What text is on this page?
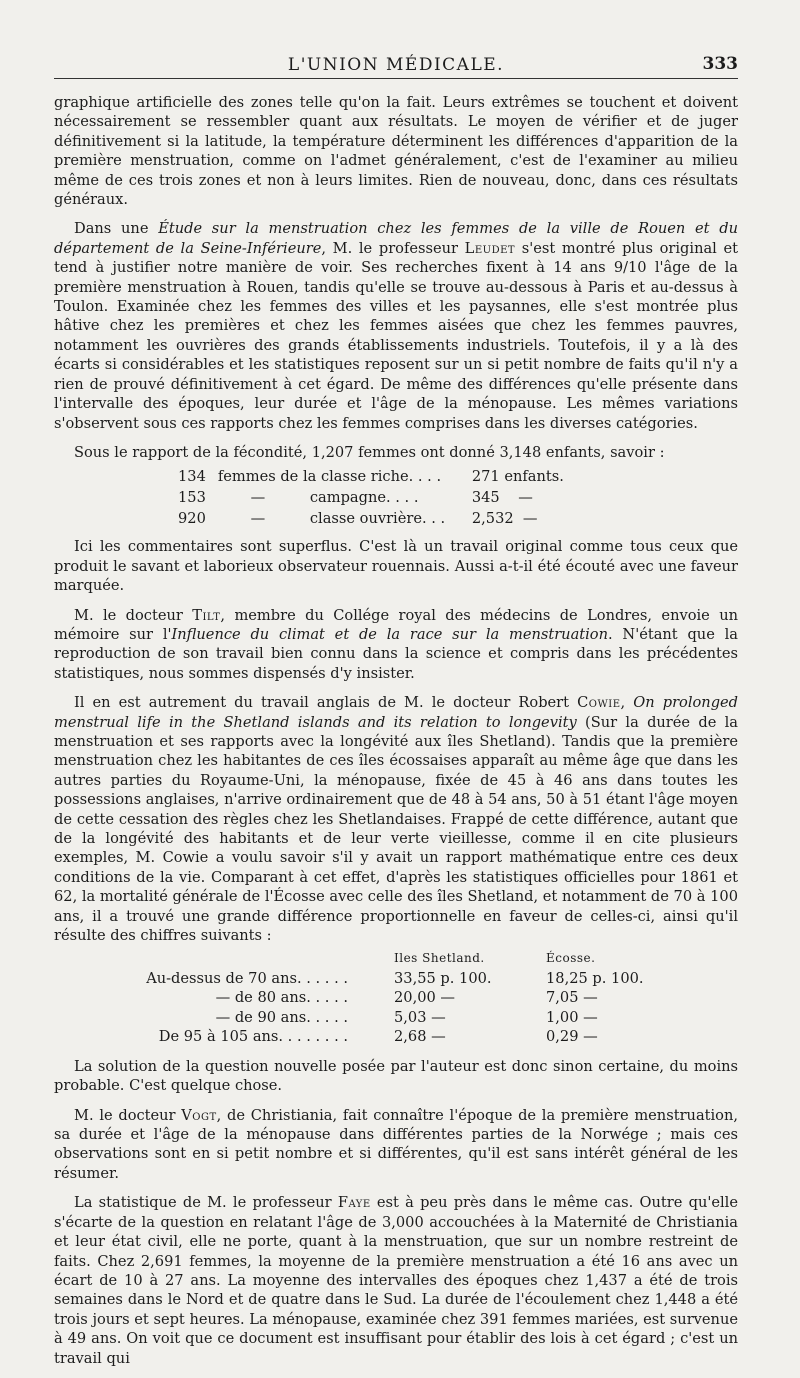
L'UNION MÉDICALE.	333

graphique artificielle des zones telle qu'on la fait. Leurs extrêmes se touchent et doivent nécessairement se ressembler quant aux résultats. Le moyen de vérifier et de juger définitivement si la latitude, la température déterminent les différences d'apparition de la première menstruation, comme on l'admet généralement, c'est de l'examiner au milieu même de ces trois zones et non à leurs limites. Rien de nouveau, donc, dans ces résultats généraux.

Dans une Étude sur la menstruation chez les femmes de la ville de Rouen et du département de la Seine-Inférieure, M. le professeur Leudet s'est montré plus original et tend à justifier notre manière de voir. Ses recherches fixent à 14 ans 9/10 l'âge de la première menstruation à Rouen, tandis qu'elle se trouve au-dessous à Paris et au-dessus à Toulon. Examinée chez les femmes des villes et les paysannes, elle s'est montrée plus hâtive chez les premières et chez les femmes aisées que chez les femmes pauvres, notamment les ouvrières des grands établissements industriels. Toutefois, il y a là des écarts si considérables et les statistiques reposent sur un si petit nombre de faits qu'il n'y a rien de prouvé définitivement à cet égard. De même des différences qu'elle présente dans l'intervalle des époques, leur durée et l'âge de la ménopause. Les mêmes variations s'observent sous ces rapports chez les femmes comprises dans les diverses catégories.

Sous le rapport de la fécondité, 1,207 femmes ont donné 3,148 enfants, savoir :

134	femmes de la classe riche. . . .		271 enfants.
153	—	campagne. . . .	345 —
920	—	classe ouvrière. . .	2,532 —

Ici les commentaires sont superflus. C'est là un travail original comme tous ceux que produit le savant et laborieux observateur rouennais. Aussi a-t-il été écouté avec une faveur marquée.

M. le docteur Tilt, membre du Collége royal des médecins de Londres, envoie un mémoire sur l'Influence du climat et de la race sur la menstruation. N'étant que la reproduction de son travail bien connu dans la science et compris dans les précédentes statistiques, nous sommes dispensés d'y insister.

Il en est autrement du travail anglais de M. le docteur Robert Cowie, On prolonged menstrual life in the Shetland islands and its relation to longevity (Sur la durée de la menstruation et ses rapports avec la longévité aux îles Shetland). Tandis que la première menstruation chez les habitantes de ces îles écossaises apparaît au même âge que dans les autres parties du Royaume-Uni, la ménopause, fixée de 45 à 46 ans dans toutes les possessions anglaises, n'arrive ordinairement que de 48 à 54 ans, 50 à 51 étant l'âge moyen de cette cessation des règles chez les Shetlandaises. Frappé de cette différence, autant que de la longévité des habitants et de leur verte vieillesse, comme il en cite plusieurs exemples, M. Cowie a voulu savoir s'il y avait un rapport mathématique entre ces deux conditions de la vie. Comparant à cet effet, d'après les statistiques officielles pour 1861 et 62, la mortalité générale de l'Écosse avec celle des îles Shetland, et notamment de 70 à 100 ans, il a trouvé une grande différence proportionnelle en faveur de celles-ci, ainsi qu'il résulte des chiffres suivants :

	Iles Shetland.	Écosse.
Au-dessus de 70 ans. . . . . .	33,55 p. 100.	18,25 p. 100.
— de 80 ans. . . . .	20,00 —	7,05 —
— de 90 ans. . . . .	5,03 —	1,00 —
De 95 à 105 ans. . . . . . . .	2,68 —	0,29 —

La solution de la question nouvelle posée par l'auteur est donc sinon certaine, du moins probable. C'est quelque chose.

M. le docteur Vogt, de Christiania, fait connaître l'époque de la première menstruation, sa durée et l'âge de la ménopause dans différentes parties de la Norwége ; mais ces observations sont en si petit nombre et si différentes, qu'il est sans intérêt général de les résumer.

La statistique de M. le professeur Faye est à peu près dans le même cas. Outre qu'elle s'écarte de la question en relatant l'âge de 3,000 accouchées à la Maternité de Christiania et leur état civil, elle ne porte, quant à la menstruation, que sur un nombre restreint de faits. Chez 2,691 femmes, la moyenne de la première menstruation a été 16 ans avec un écart de 10 à 27 ans. La moyenne des intervalles des époques chez 1,437 a été de trois semaines dans le Nord et de quatre dans le Sud. La durée de l'écoulement chez 1,448 a été trois jours et sept heures. La ménopause, examinée chez 391 femmes mariées, est survenue à 49 ans. On voit que ce document est insuffisant pour établir des lois à cet égard ; c'est un travail qui
